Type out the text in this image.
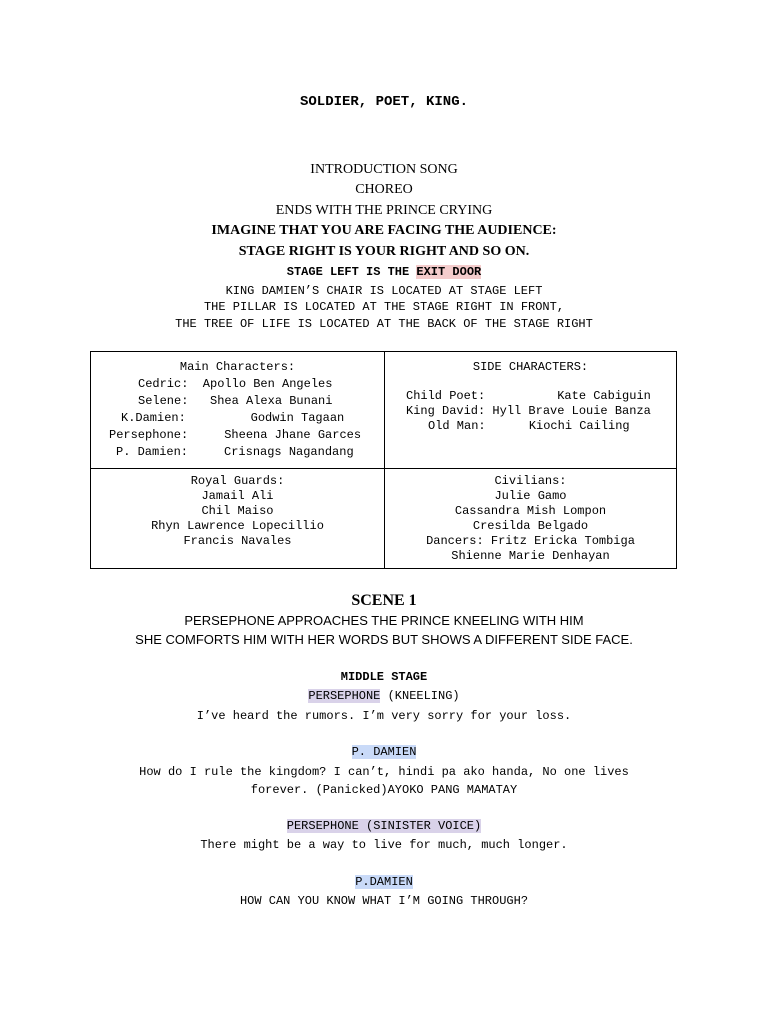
SOLDIER, POET, KING.
INTRODUCTION SONG
CHOREO
ENDS WITH THE PRINCE CRYING
IMAGINE THAT YOU ARE FACING THE AUDIENCE:
STAGE RIGHT IS YOUR RIGHT AND SO ON.
STAGE LEFT IS THE EXIT DOOR
KING DAMIEN’S CHAIR IS LOCATED AT STAGE LEFT
THE PILLAR IS LOCATED AT THE STAGE RIGHT IN FRONT,
THE TREE OF LIFE IS LOCATED AT THE BACK OF THE STAGE RIGHT
Main Characters:
Cedric:  Apollo Ben Angeles
Selene:   Shea Alexa Bunani
K.Damien:         Godwin Tagaan
Persephone:     Sheena Jhane Garces
P. Damien:     Crisnags Nagandang
SIDE CHARACTERS:
Child Poet:          Kate Cabiguin
King David: Hyll Brave Louie Banza
Old Man:      Kiochi Cailing
Royal Guards:
Jamail Ali
Chil Maiso
Rhyn Lawrence Lopecillio
Francis Navales
Civilians:
Julie Gamo
Cassandra Mish Lompon
Cresilda Belgado
Dancers: Fritz Ericka Tombiga
Shienne Marie Denhayan
SCENE 1
PERSEPHONE APPROACHES THE PRINCE KNEELING WITH HIM
SHE COMFORTS HIM WITH HER WORDS BUT SHOWS A DIFFERENT SIDE FACE.
MIDDLE STAGE
PERSEPHONE (KNEELING)
I’ve heard the rumors. I’m very sorry for your loss.
P. DAMIEN
How do I rule the kingdom? I can’t, hindi pa ako handa, No one lives
forever. (Panicked)AYOKO PANG MAMATAY
PERSEPHONE (SINISTER VOICE)
There might be a way to live for much, much longer.
P.DAMIEN
HOW CAN YOU KNOW WHAT I’M GOING THROUGH?
